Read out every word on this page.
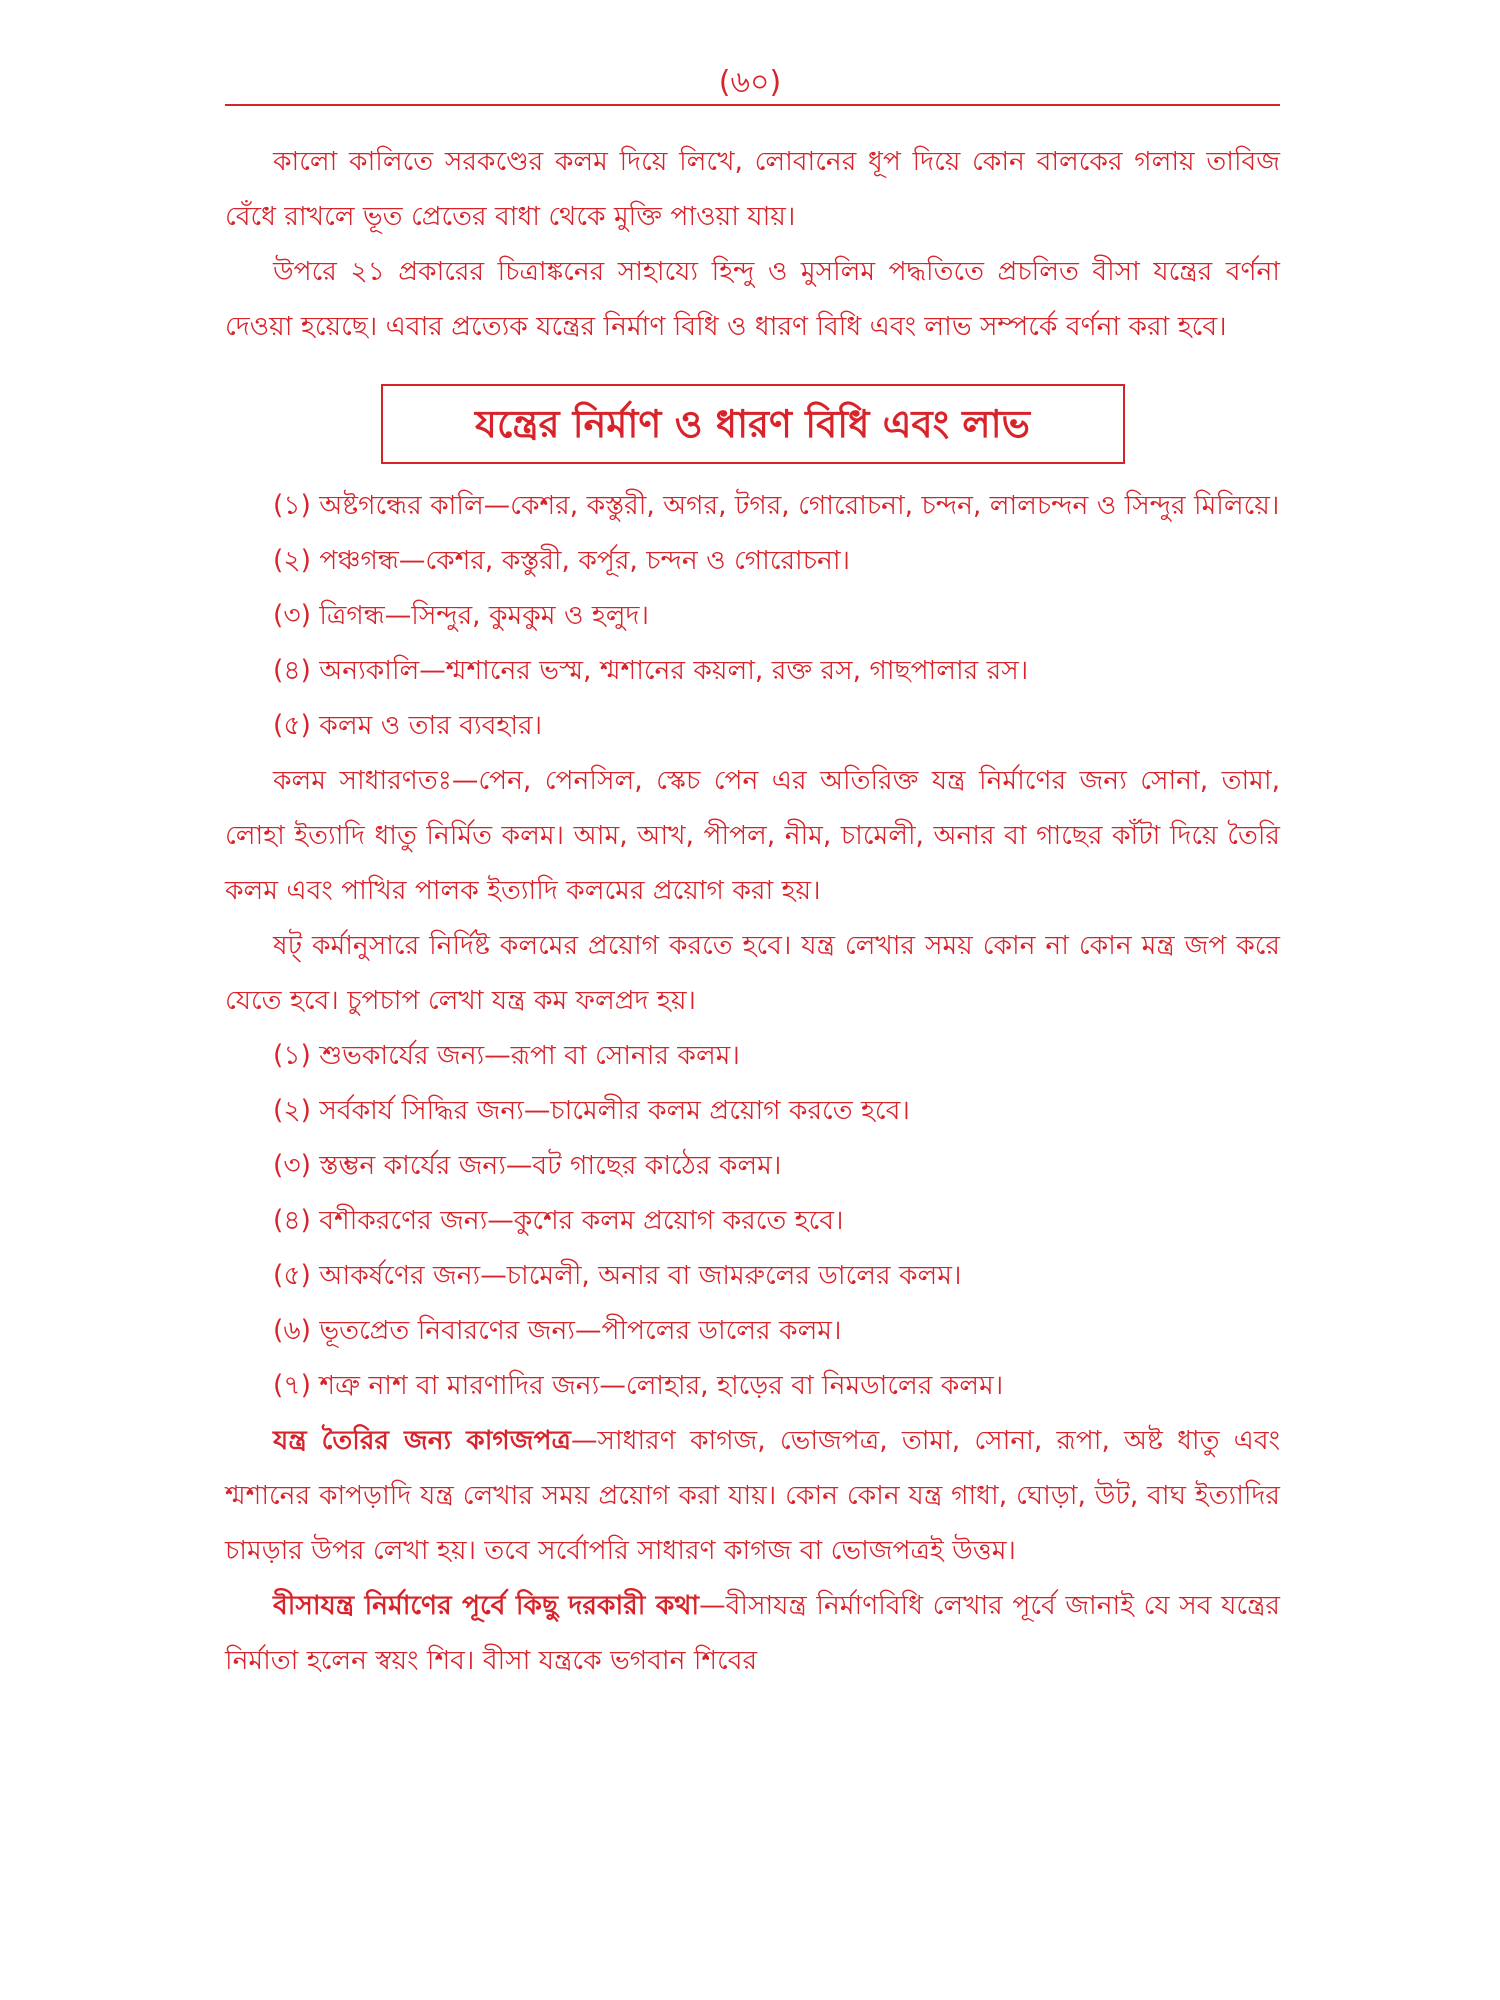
(৬০)

কালো কালিতে সরকণ্ডের কলম দিয়ে লিখে, লোবানের ধূপ দিয়ে কোন বালকের গলায় তাবিজ বেঁধে রাখলে ভূত প্রেতের বাধা থেকে মুক্তি পাওয়া যায়।

উপরে ২১ প্রকারের চিত্রাঙ্কনের সাহায্যে হিন্দু ও মুসলিম পদ্ধতিতে প্রচলিত বীসা যন্ত্রের বর্ণনা দেওয়া হয়েছে। এবার প্রত্যেক যন্ত্রের নির্মাণ বিধি ও ধারণ বিধি এবং লাভ সম্পর্কে বর্ণনা করা হবে।

যন্ত্রের নির্মাণ ও ধারণ বিধি এবং লাভ

(১) অষ্টগন্ধের কালি—কেশর, কস্তুরী, অগর, টগর, গোরোচনা, চন্দন, লালচন্দন ও সিন্দুর মিলিয়ে।

(২) পঞ্চগন্ধ—কেশর, কস্তুরী, কর্পূর, চন্দন ও গোরোচনা।
(৩) ত্রিগন্ধ—সিন্দুর, কুমকুম ও হলুদ।
(৪) অন্যকালি—শ্মশানের ভস্ম, শ্মশানের কয়লা, রক্ত রস, গাছপালার রস।
(৫) কলম ও তার ব্যবহার।

কলম সাধারণতঃ—পেন, পেনসিল, স্কেচ পেন এর অতিরিক্ত যন্ত্র নির্মাণের জন্য সোনা, তামা, লোহা ইত্যাদি ধাতু নির্মিত কলম। আম, আখ, পীপল, নীম, চামেলী, অনার বা গাছের কাঁটা দিয়ে তৈরি কলম এবং পাখির পালক ইত্যাদি কলমের প্রয়োগ করা হয়।

ষট্ কর্মানুসারে নির্দিষ্ট কলমের প্রয়োগ করতে হবে। যন্ত্র লেখার সময় কোন না কোন মন্ত্র জপ করে যেতে হবে। চুপচাপ লেখা যন্ত্র কম ফলপ্রদ হয়।

(১) শুভকার্যের জন্য—রূপা বা সোনার কলম।
(২) সর্বকার্য সিদ্ধির জন্য—চামেলীর কলম প্রয়োগ করতে হবে।
(৩) স্তম্ভন কার্যের জন্য—বট গাছের কাঠের কলম।
(৪) বশীকরণের জন্য—কুশের কলম প্রয়োগ করতে হবে।
(৫) আকর্ষণের জন্য—চামেলী, অনার বা জামরুলের ডালের কলম।
(৬) ভূতপ্রেত নিবারণের জন্য—পীপলের ডালের কলম।
(৭) শত্রু নাশ বা মারণাদির জন্য—লোহার, হাড়ের বা নিমডালের কলম।

যন্ত্র তৈরির জন্য কাগজপত্র—সাধারণ কাগজ, ভোজপত্র, তামা, সোনা, রূপা, অষ্ট ধাতু এবং শ্মশানের কাপড়াদি যন্ত্র লেখার সময় প্রয়োগ করা যায়। কোন কোন যন্ত্র গাধা, ঘোড়া, উট, বাঘ ইত্যাদির চামড়ার উপর লেখা হয়। তবে সর্বোপরি সাধারণ কাগজ বা ভোজপত্রই উত্তম।

বীসাযন্ত্র নির্মাণের পূর্বে কিছু দরকারী কথা—বীসাযন্ত্র নির্মাণবিধি লেখার পূর্বে জানাই যে সব যন্ত্রের নির্মাতা হলেন স্বয়ং শিব। বীসা যন্ত্রকে ভগবান শিবের
